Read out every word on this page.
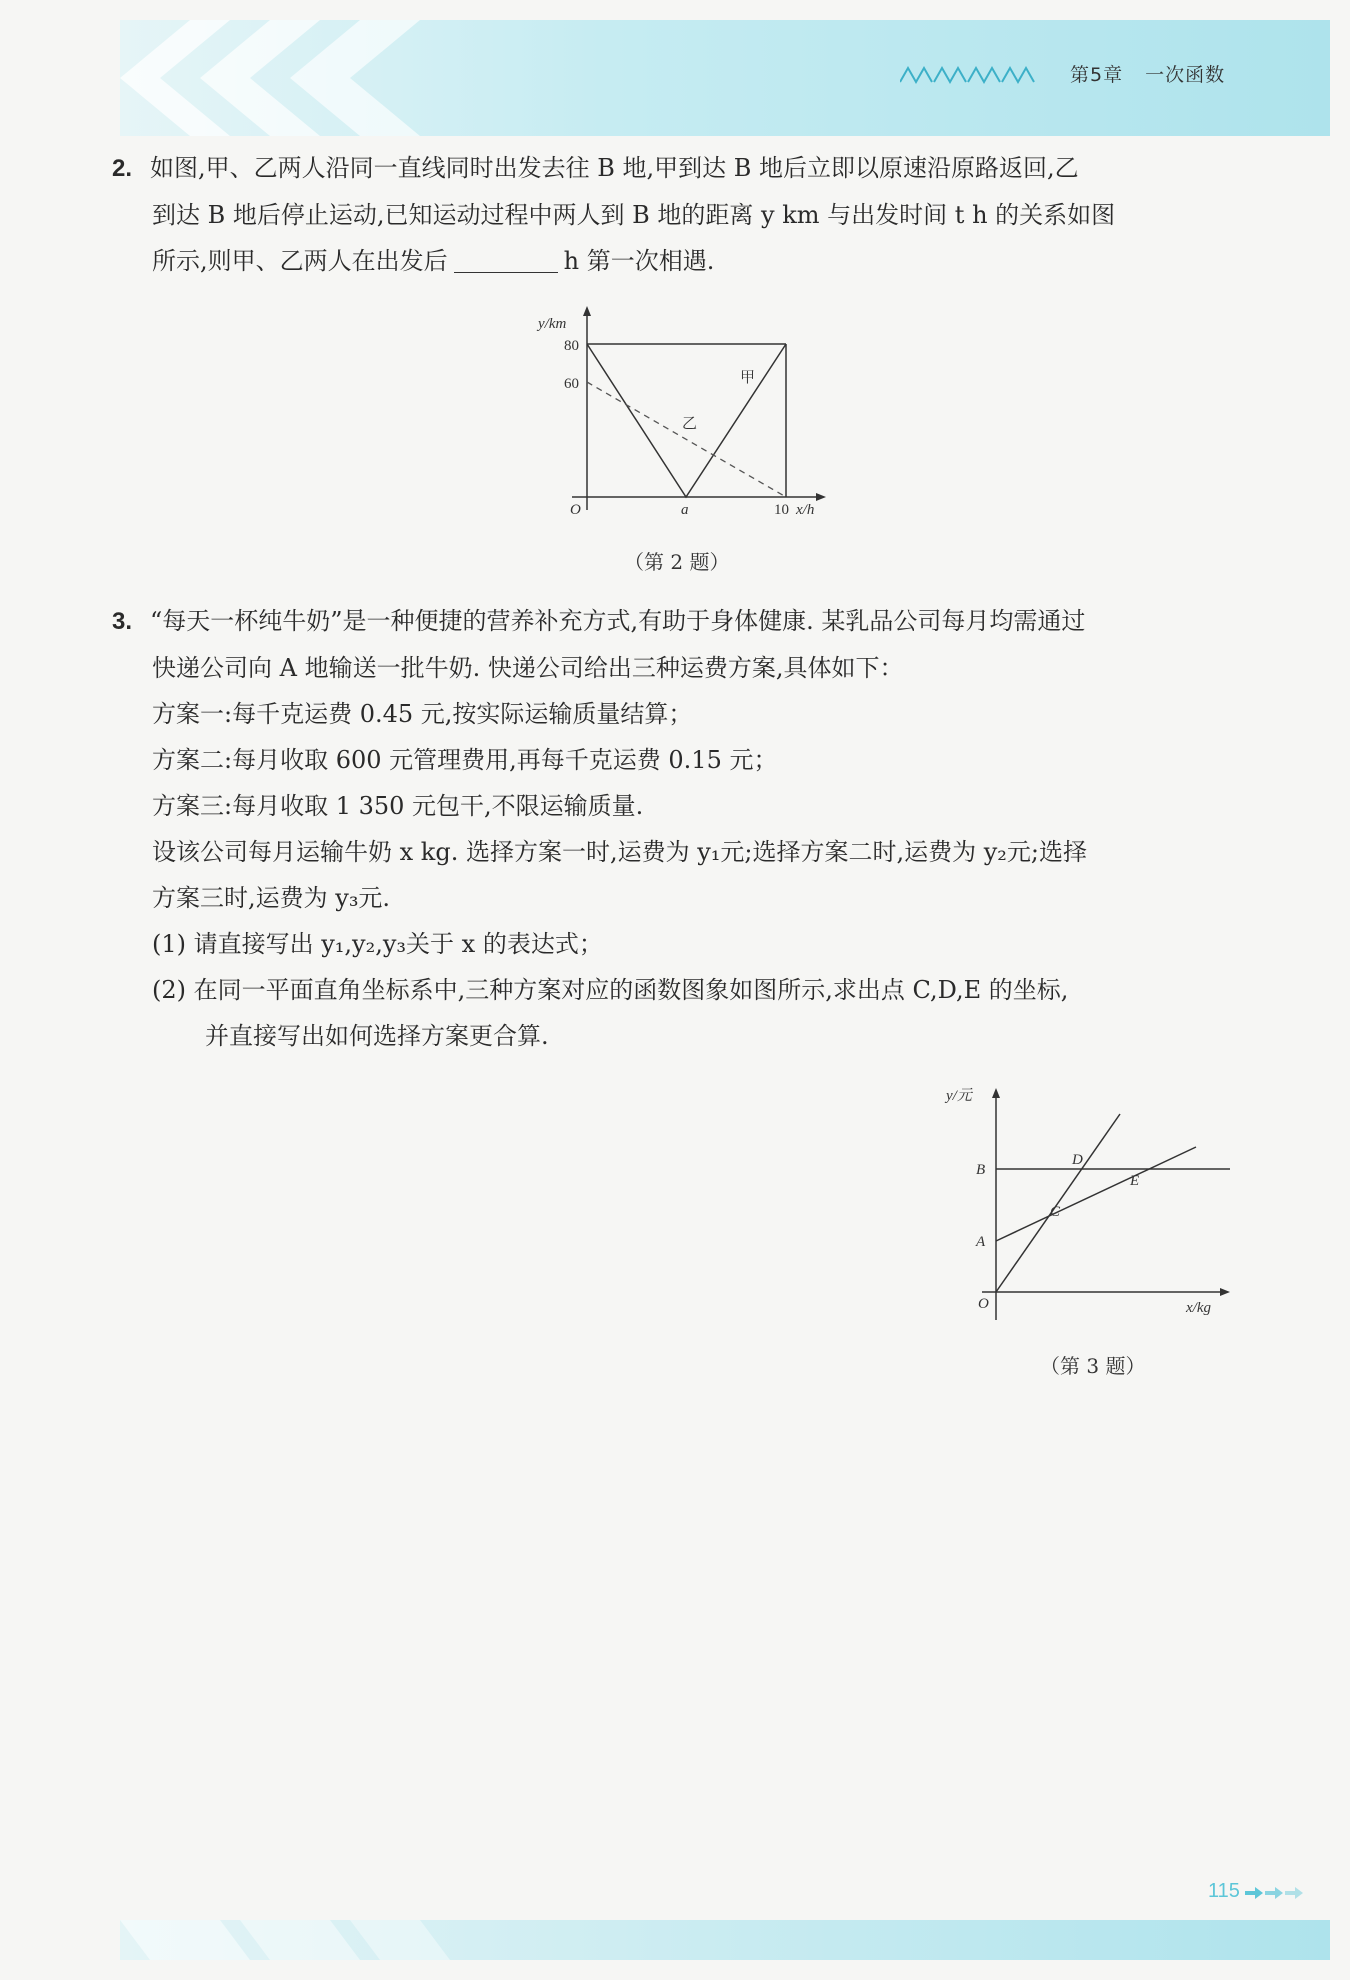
第5章 一次函数
2. 如图,甲、乙两人沿同一直线同时出发去往 B 地,甲到达 B 地后立即以原速沿原路返回,乙
到达 B 地后停止运动,已知运动过程中两人到 B 地的距离 y km 与出发时间 t h 的关系如图
所示,则甲、乙两人在出发后	h 第一次相遇.
y/km
80
60
O	a	10 x/h
甲
乙
（第 2 题）
3. “每天一杯纯牛奶”是一种便捷的营养补充方式,有助于身体健康. 某乳品公司每月均需通过
快递公司向 A 地输送一批牛奶. 快递公司给出三种运费方案,具体如下：
方案一:每千克运费 0.45 元,按实际运输质量结算；
方案二:每月收取 600 元管理费用,再每千克运费 0.15 元；
方案三:每月收取 1 350 元包干,不限运输质量.
设该公司每月运输牛奶 x kg. 选择方案一时,运费为 y₁元;选择方案二时,运费为 y₂元;选择
方案三时,运费为 y₃元.
(1) 请直接写出 y₁,y₂,y₃关于 x 的表达式；
(2) 在同一平面直角坐标系中,三种方案对应的函数图象如图所示,求出点 C,D,E 的坐标,
并直接写出如何选择方案更合算.
y/元
B
A
O
D
E
C
x/kg
（第 3 题）
115
